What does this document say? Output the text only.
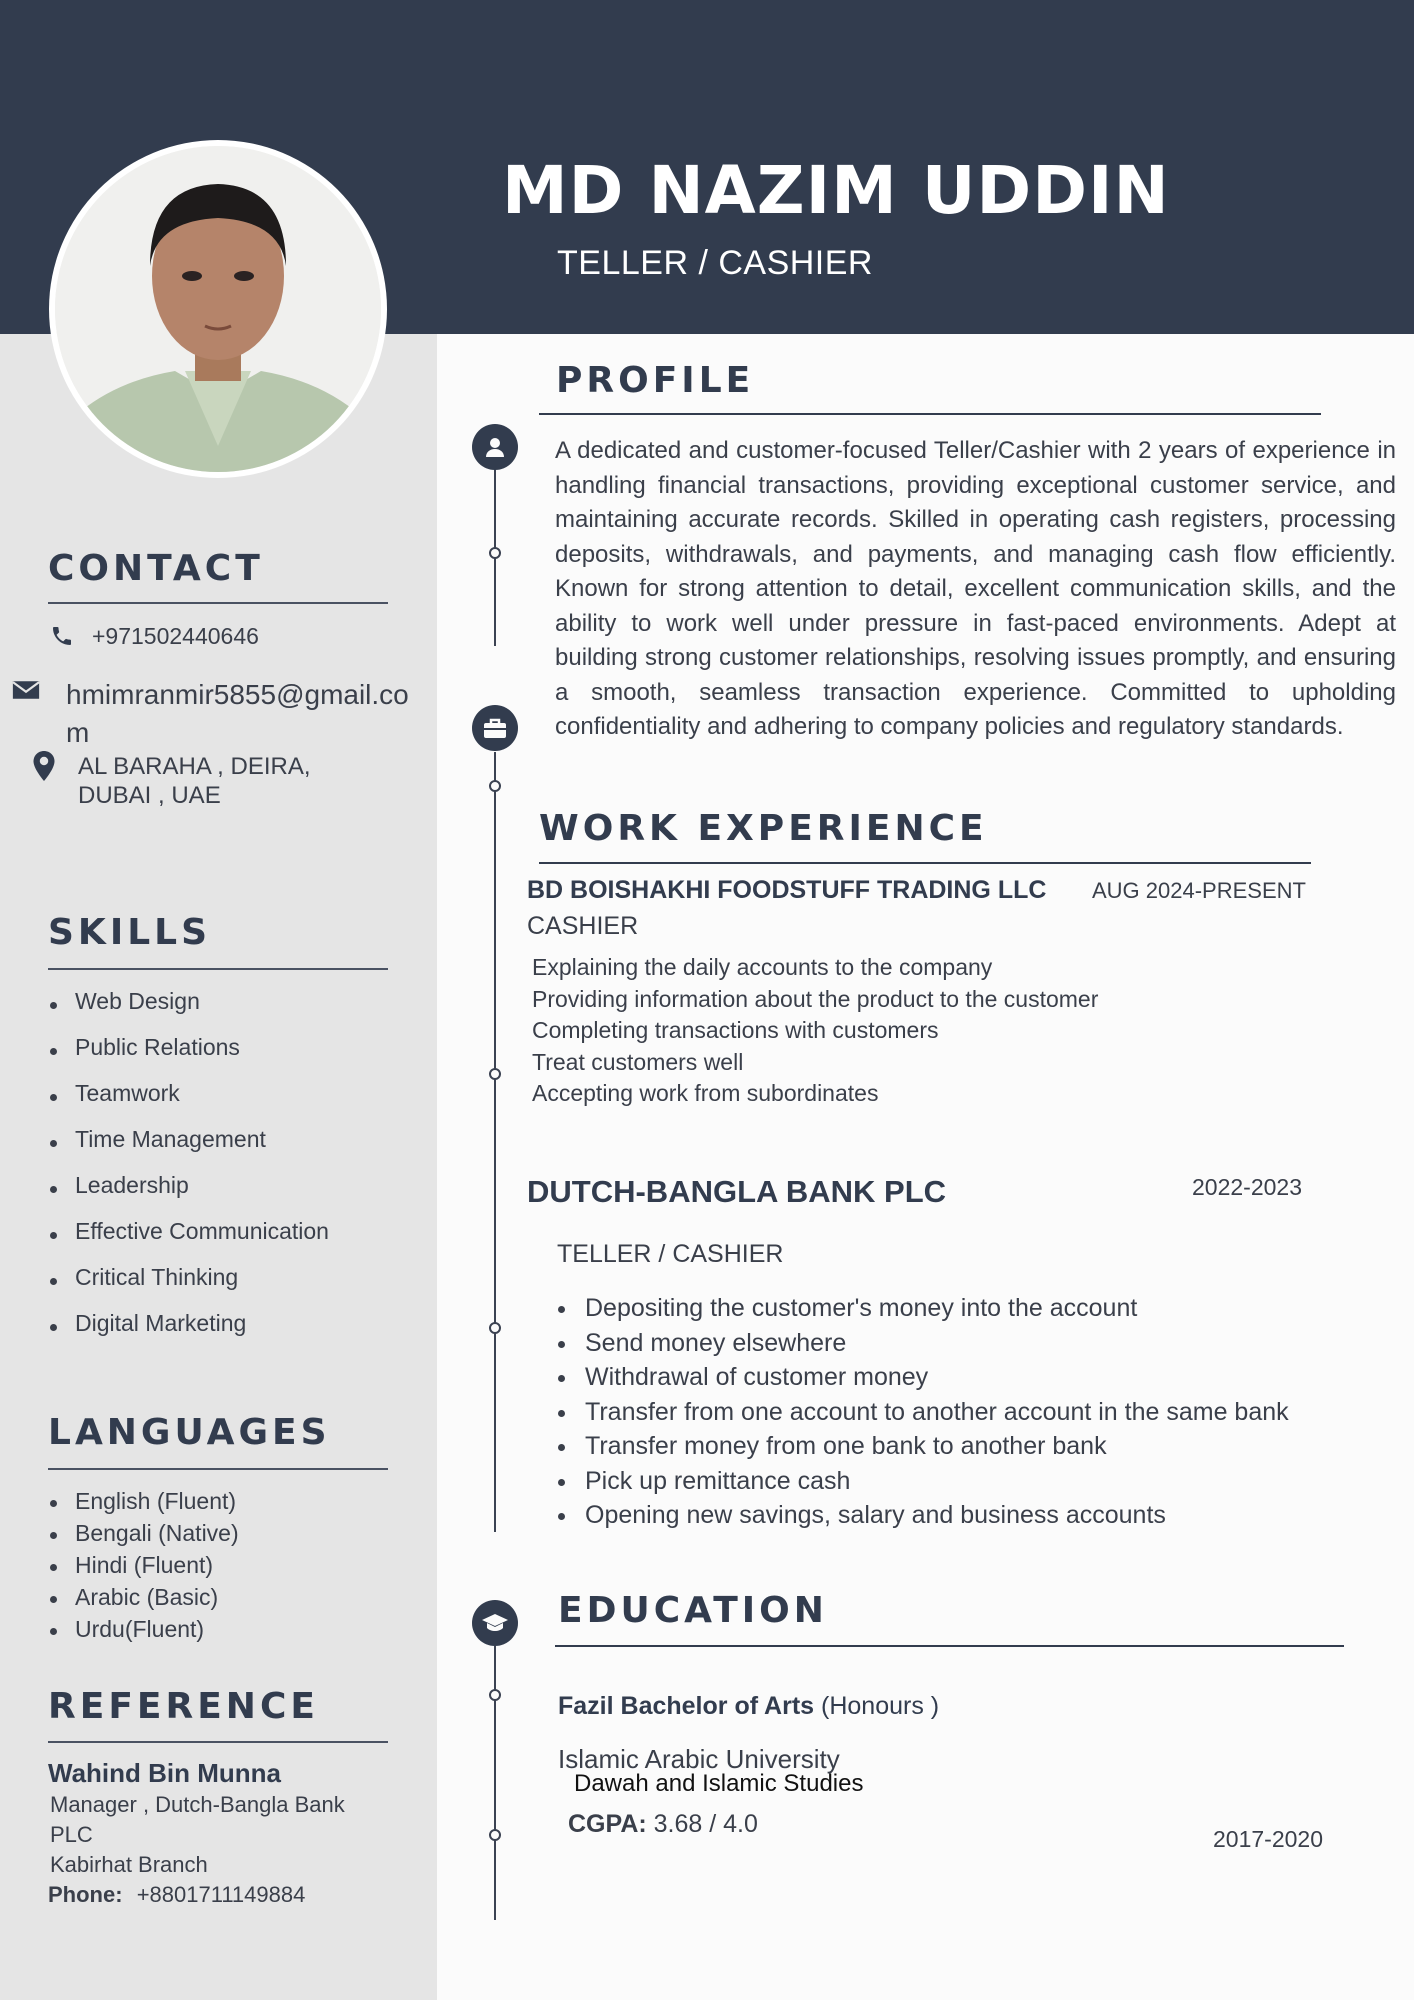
MD NAZIM UDDIN
TELLER / CASHIER
CONTACT
+971502440646
hmimranmir5855@gmail.co
m
AL BARAHA , DEIRA,
DUBAI , UAE
SKILLS
Web Design
Public Relations
Teamwork
Time Management
Leadership
Effective Communication
Critical Thinking
Digital Marketing
LANGUAGES
English (Fluent)
Bengali (Native)
Hindi (Fluent)
Arabic (Basic)
Urdu(Fluent)
REFERENCE
Wahind Bin Munna
Manager , Dutch-Bangla Bank
PLC
Kabirhat Branch
Phone: +8801711149884
PROFILE
A dedicated and customer-focused Teller/Cashier with 2 years of experience in handling financial transactions, providing exceptional customer service, and maintaining accurate records. Skilled in operating cash registers, processing deposits, withdrawals, and payments, and managing cash flow efficiently. Known for strong attention to detail, excellent communication skills, and the ability to work well under pressure in fast-paced environments. Adept at building strong customer relationships, resolving issues promptly, and ensuring a smooth, seamless transaction experience. Committed to upholding confidentiality and adhering to company policies and regulatory standards.
WORK EXPERIENCE
BD BOISHAKHI FOODSTUFF TRADING LLC AUG 2024-PRESENT
CASHIER
Explaining the daily accounts to the company
Providing information about the product to the customer
Completing transactions with customers
Treat customers well
Accepting work from subordinates
DUTCH-BANGLA BANK PLC	2022-2023
TELLER / CASHIER
Depositing the customer's money into the account
Send money elsewhere
Withdrawal of customer money
Transfer from one account to another account in the same bank
Transfer money from one bank to another bank
Pick up remittance cash
Opening new savings, salary and business accounts
EDUCATION
Fazil Bachelor of Arts (Honours )
Islamic Arabic University
Dawah and Islamic Studies
CGPA: 3.68 / 4.0
2017-2020
